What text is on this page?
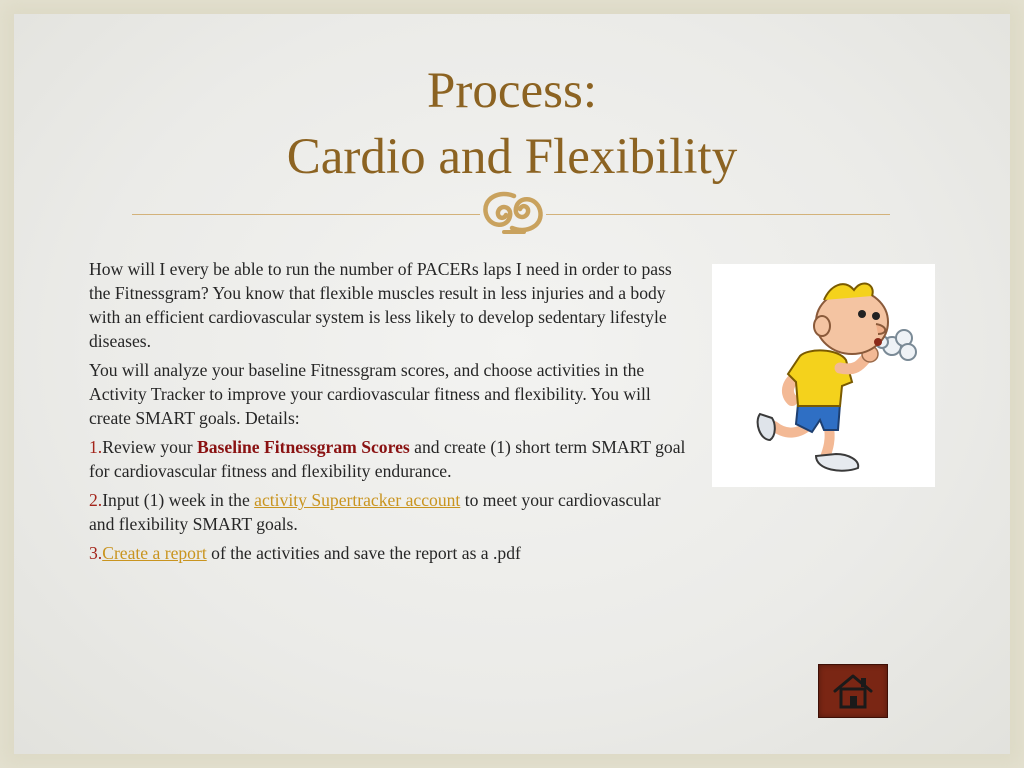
Process:
Cardio and Flexibility

How will I every be able to run the number of PACERs laps I need in order to pass the Fitnessgram? You know that flexible muscles result in less injuries and a body with an efficient cardiovascular system is less likely to develop sedentary lifestyle diseases.

You will analyze your baseline Fitnessgram scores, and choose activities in the Activity Tracker to improve your cardiovascular fitness and flexibility. You will create SMART goals. Details:

1.Review your Baseline Fitnessgram Scores and create (1) short term SMART goal for cardiovascular fitness and flexibility endurance.

2.Input (1) week in the activity Supertracker account to meet your cardiovascular and flexibility SMART goals.

3.Create a report of the activities and save the report as a .pdf
